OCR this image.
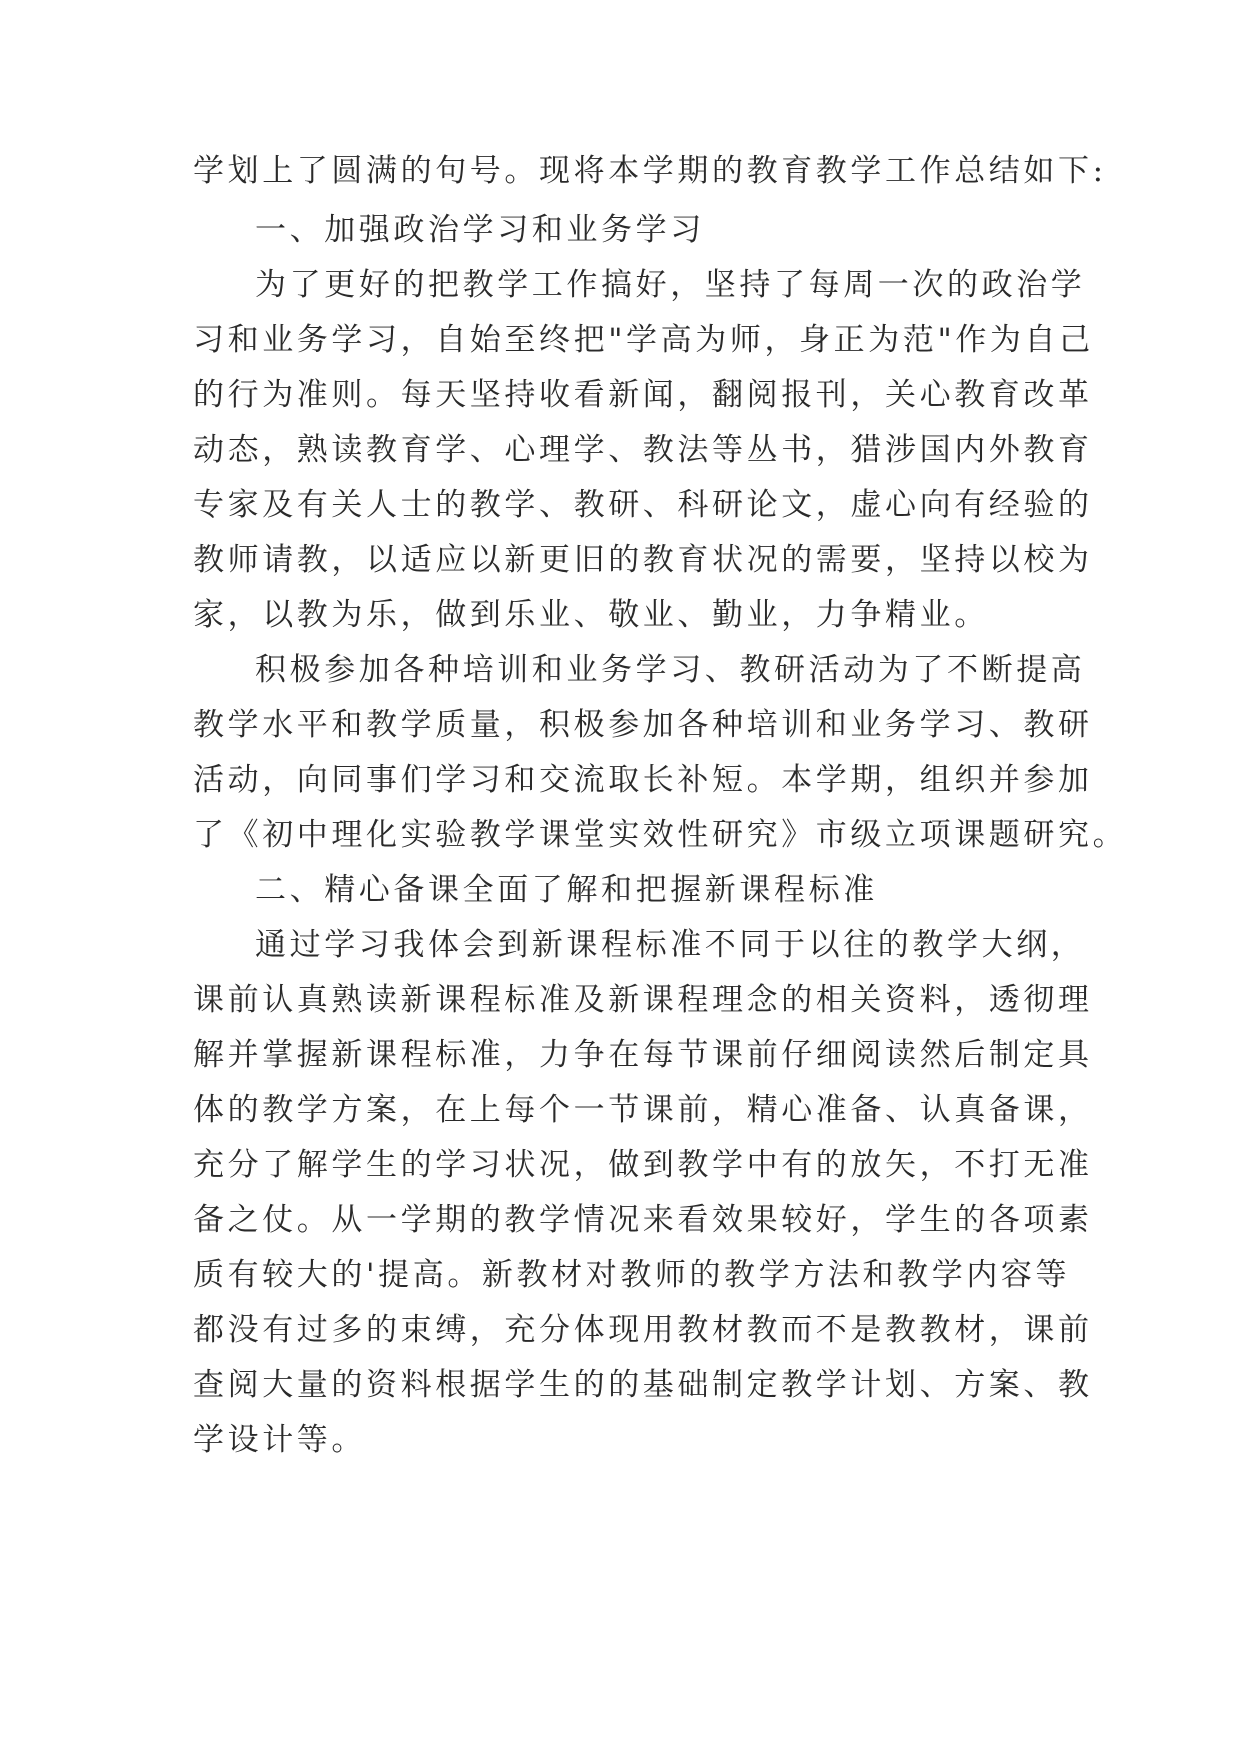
学划上了圆满的句号。现将本学期的教育教学工作总结如下:
一、加强政治学习和业务学习
为了更好的把教学工作搞好，坚持了每周一次的政治学
习和业务学习，自始至终把"学高为师，身正为范"作为自己
的行为准则。每天坚持收看新闻，翻阅报刊，关心教育改革
动态，熟读教育学、心理学、教法等丛书，猎涉国内外教育
专家及有关人士的教学、教研、科研论文，虚心向有经验的
教师请教，以适应以新更旧的教育状况的需要，坚持以校为
家，以教为乐，做到乐业、敬业、勤业，力争精业。
积极参加各种培训和业务学习、教研活动为了不断提高
教学水平和教学质量，积极参加各种培训和业务学习、教研
活动，向同事们学习和交流取长补短。本学期，组织并参加
了《初中理化实验教学课堂实效性研究》市级立项课题研究。
二、精心备课全面了解和把握新课程标准
通过学习我体会到新课程标准不同于以往的教学大纲，
课前认真熟读新课程标准及新课程理念的相关资料，透彻理
解并掌握新课程标准，力争在每节课前仔细阅读然后制定具
体的教学方案，在上每个一节课前，精心准备、认真备课，
充分了解学生的学习状况，做到教学中有的放矢，不打无准
备之仗。从一学期的教学情况来看效果较好，学生的各项素
质有较大的'提高。新教材对教师的教学方法和教学内容等
都没有过多的束缚，充分体现用教材教而不是教教材，课前
查阅大量的资料根据学生的的基础制定教学计划、方案、教
学设计等。
